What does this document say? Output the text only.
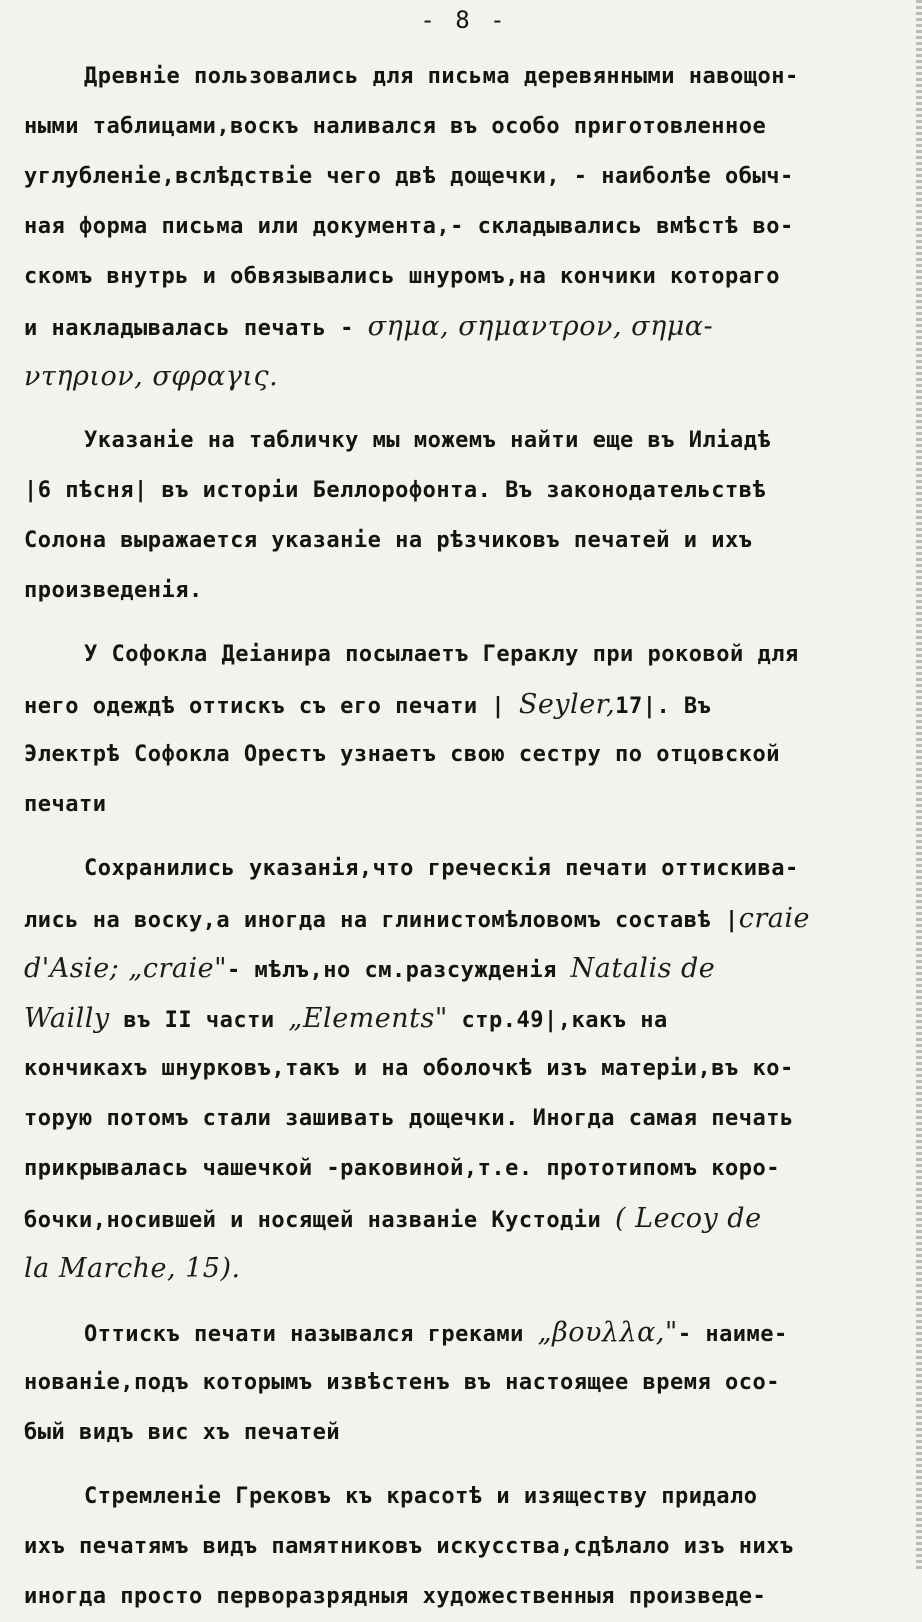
- 8 -
Древніе пользовались для письма деревянными навощон-
ными таблицами,воскъ наливался въ особо приготовленное
углубленіе,вслѣдствіе чего двѣ дощечки, - наиболѣе обыч-
ная форма письма или документа,- складывались вмѣстѣ во-
скомъ внутрь и обвязывались шнуромъ,на кончики котораго
и накладывалась печать - σημα, σημαντρον, σημα-
ντηριον, σφραγις.
Указаніе на табличку мы можемъ найти еще въ Иліадѣ
|6 пѣсня| въ исторіи Беллорофонта. Въ законодательствѣ
Солона выражается указаніе на рѣзчиковъ печатей и ихъ
произведенія.
У Софокла Деіанира посылаетъ Гераклу при роковой для
него одеждѣ оттискъ съ его печати | Seyler,17|. Въ
Электрѣ Софокла Орестъ узнаетъ свою сестру по отцовской
печати
Сохранились указанія,что греческія печати оттискива-
лись на воску,а иногда на глинистомѣловомъ составѣ |craie
d'Asie; „craie"- мѣлъ,но см.разсужденія Natalis de
Wailly въ II части „Elements" стр.49|,какъ на
кончикахъ шнурковъ,такъ и на оболочкѣ изъ матеріи,въ ко-
торую потомъ стали зашивать дощечки. Иногда самая печать
прикрывалась чашечкой -раковиной,т.е. прототипомъ коро-
бочки,носившей и носящей названіе Кустодіи ( Lecoy de
la Marche, 15).
Оттискъ печати назывался греками „βουλλα,"- наиме-
нованіе,подъ которымъ извѣстенъ въ настоящее время осо-
бый видъ вис хъ печатей
Стремленіе Грековъ къ красотѣ и изяществу придало
ихъ печатямъ видъ памятниковъ искусства,сдѣлало изъ нихъ
иногда просто перворазрядныя художественныя произведе-
